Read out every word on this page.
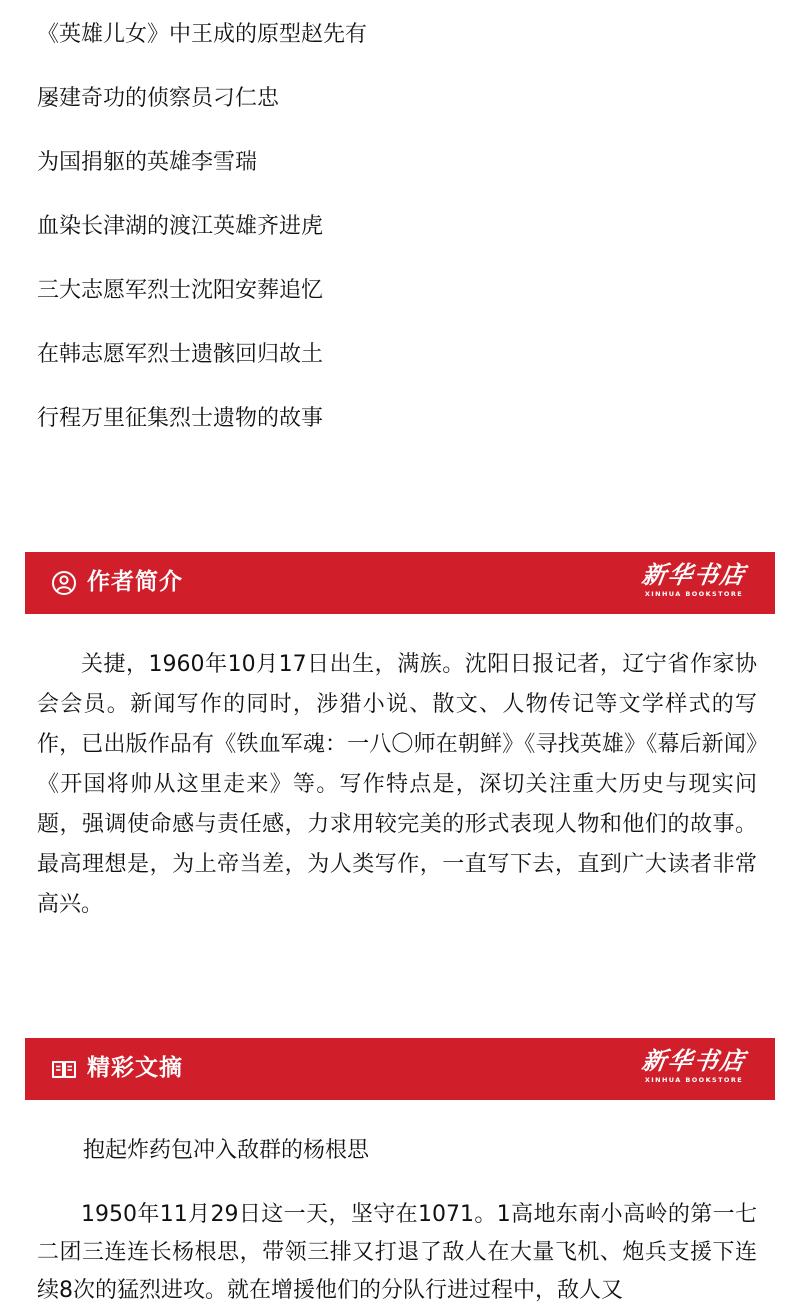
《英雄儿女》中王成的原型赵先有
屡建奇功的侦察员刁仁忠
为国捐躯的英雄李雪瑞
血染长津湖的渡江英雄齐进虎
三大志愿军烈士沈阳安葬追忆
在韩志愿军烈士遗骸回归故土
行程万里征集烈士遗物的故事
作者简介	新华书店
XINHUA BOOKSTORE

关捷，1960年10月17日出生，满族。沈阳日报记者，辽宁省作家协会会员。新闻写作的同时，涉猎小说、散文、人物传记等文学样式的写作，已出版作品有《铁血军魂：一八〇师在朝鲜》《寻找英雄》《幕后新闻》《开国将帅从这里走来》等。写作特点是，深切关注重大历史与现实问题，强调使命感与责任感，力求用较完美的形式表现人物和他们的故事。最高理想是，为上帝当差，为人类写作，一直写下去，直到广大读者非常高兴。

精彩文摘	新华书店
XINHUA BOOKSTORE
抱起炸药包冲入敌群的杨根思

1950年11月29日这一天，坚守在1071。1高地东南小高岭的第一七二团三连连长杨根思，带领三排又打退了敌人在大量飞机、炮兵支援下连续8次的猛烈进攻。就在增援他们的分队行进过程中，敌人又
